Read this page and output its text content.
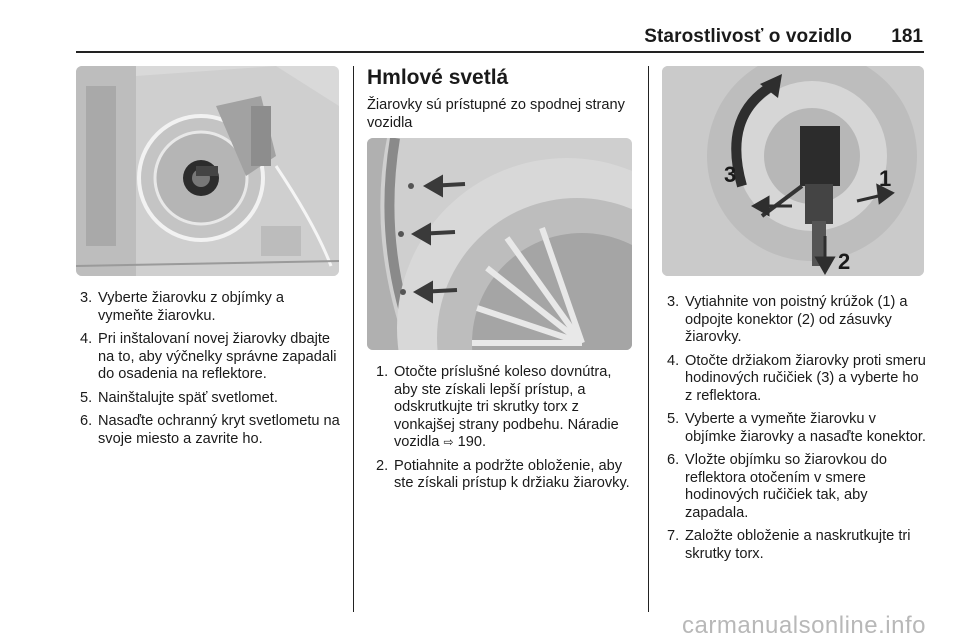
Starostlivosť o vozidlo 181
3. Vyberte žiarovku z objímky a vymeňte žiarovku.
4. Pri inštalovaní novej žiarovky dbajte na to, aby výčnelky správne zapadali do osadenia na reflektore.
5. Nainštalujte späť svetlomet.
6. Nasaďte ochranný kryt svetlometu na svoje miesto a zavrite ho.
Hmlové svetlá
Žiarovky sú prístupné zo spodnej strany vozidla
1. Otočte príslušné koleso dovnútra, aby ste získali lepší prístup, a odskrutkujte tri skrutky torx z vonkajšej strany podbehu. Náradie vozidla ⇨ 190.
2. Potiahnite a podržte obloženie, aby ste získali prístup k držiaku žiarovky.
3	1
2
3. Vytiahnite von poistný krúžok (1) a odpojte konektor (2) od zásuvky žiarovky.
4. Otočte držiakom žiarovky proti smeru hodinových ručičiek (3) a vyberte ho z reflektora.
5. Vyberte a vymeňte žiarovku v objímke žiarovky a nasaďte konektor.
6. Vložte objímku so žiarovkou do reflektora otočením v smere hodinových ručičiek tak, aby zapadala.
7. Založte obloženie a naskrutkujte tri skrutky torx.
carmanualsonline.info
